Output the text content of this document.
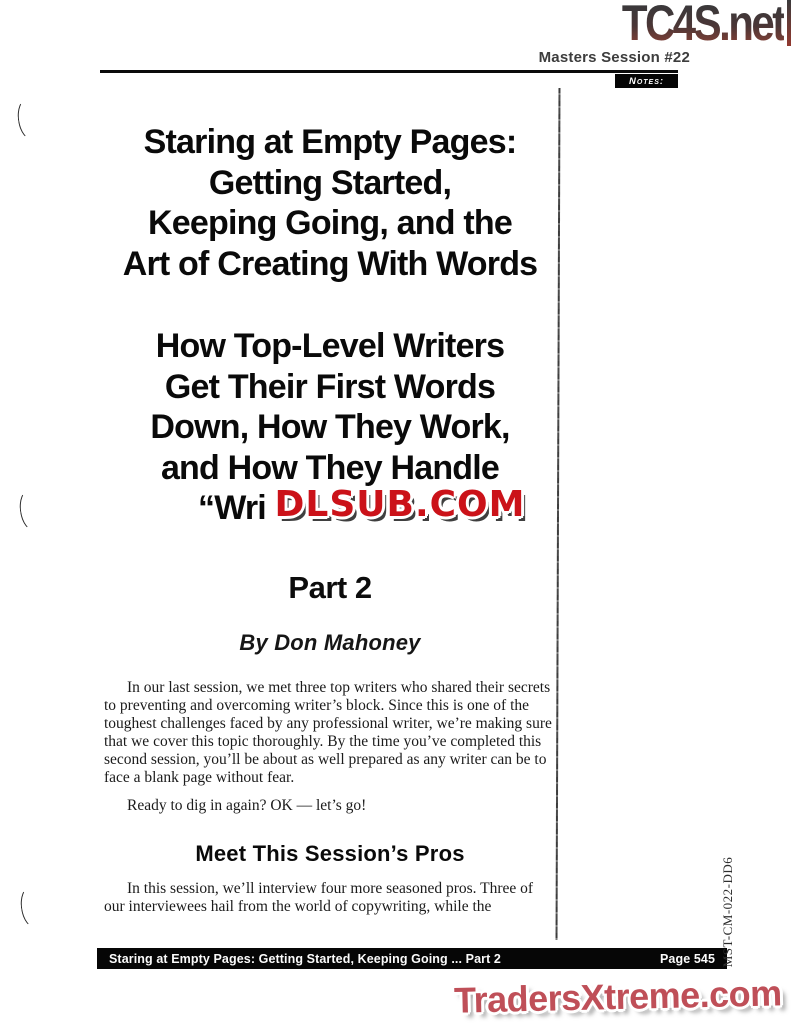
TC4S.net
Masters Session #22
Notes:
Staring at Empty Pages:
Getting Started,
Keeping Going, and the
Art of Creating With Words
How Top-Level Writers
Get Their First Words
Down, How They Work,
and How They Handle
“Wri DLSUB.COM
Part 2
By Don Mahoney

In our last session, we met three top writers who shared their secrets to preventing and overcoming writer’s block. Since this is one of the toughest challenges faced by any professional writer, we’re making sure that we cover this topic thoroughly. By the time you’ve completed this second session, you’ll be about as well prepared as any writer can be to face a blank page without fear.

Ready to dig in again? OK — let’s go!

Meet This Session’s Pros

In this session, we’ll interview four more seasoned pros. Three of our interviewees hail from the world of copywriting, while the

Staring at Empty Pages: Getting Started, Keeping Going ... Part 2	Page 545 MST-CM-022-DD6
TradersXtreme.com
